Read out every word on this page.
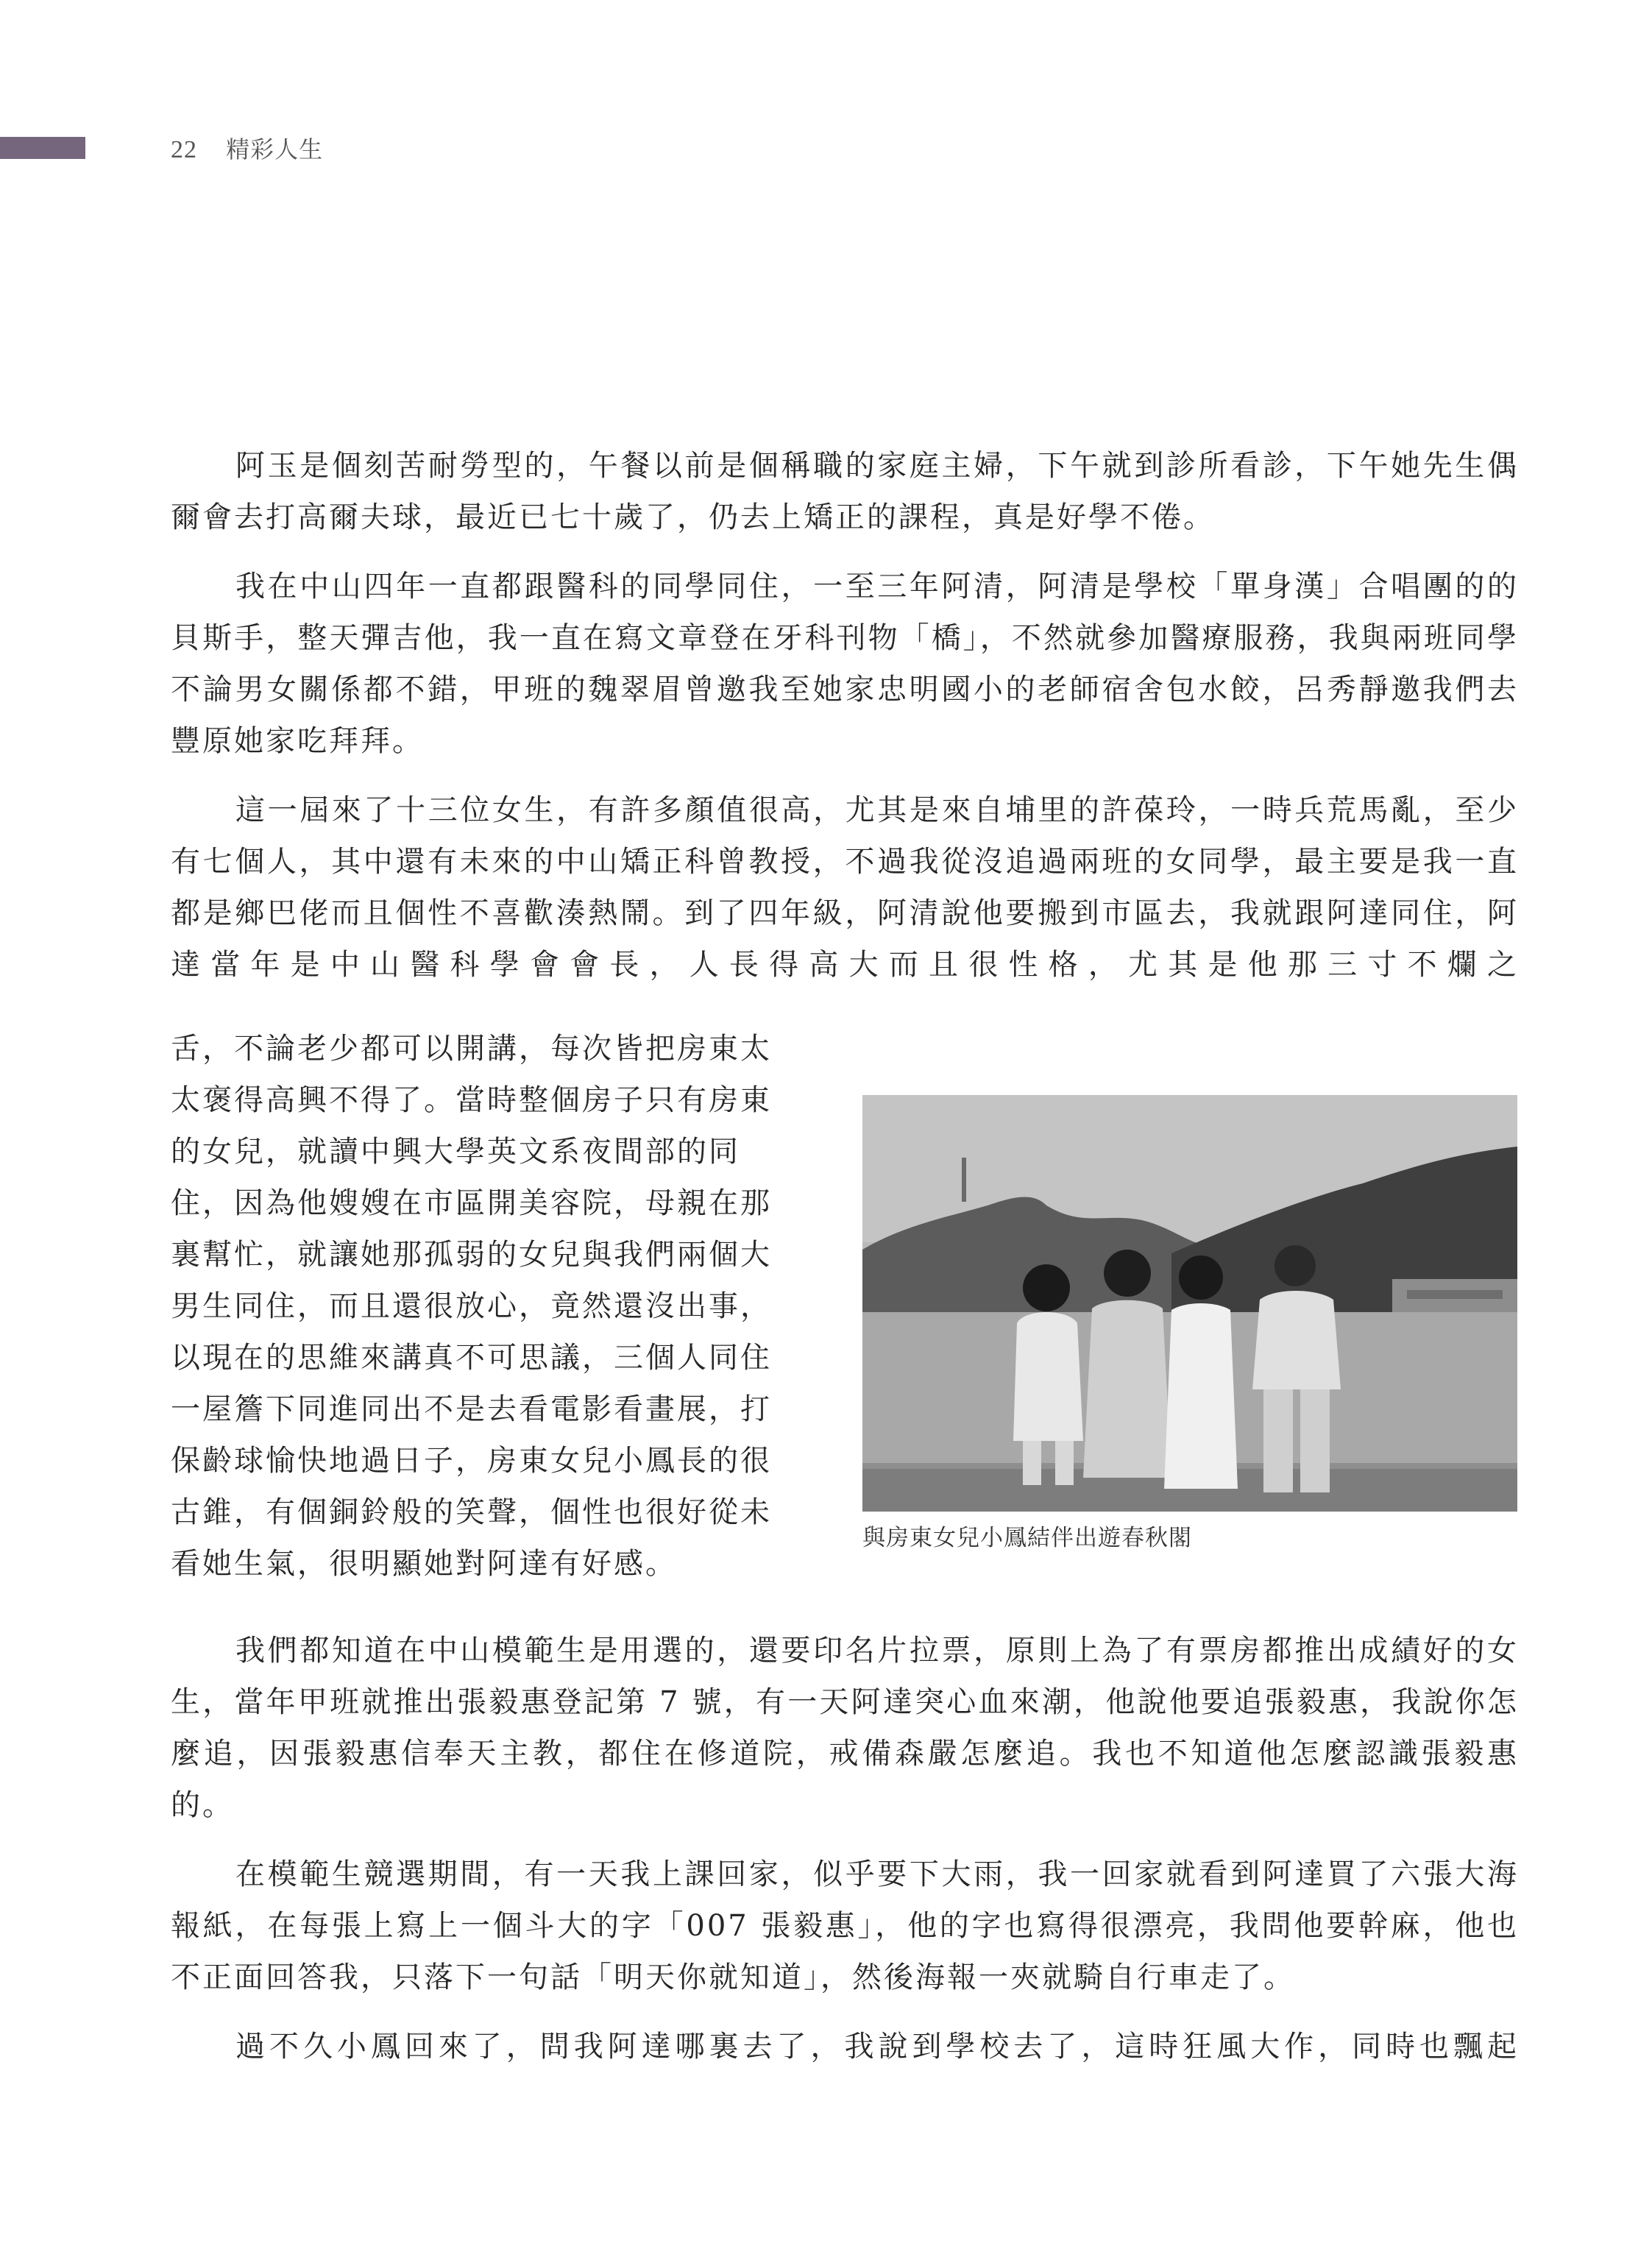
22 精彩人生

阿玉是個刻苦耐勞型的，午餐以前是個稱職的家庭主婦，下午就到診所看診，下午她先生偶爾會去打高爾夫球，最近已七十歲了，仍去上矯正的課程，真是好學不倦。

我在中山四年一直都跟醫科的同學同住，一至三年阿清，阿清是學校「單身漢」合唱團的的貝斯手，整天彈吉他，我一直在寫文章登在牙科刊物「橋」，不然就參加醫療服務，我與兩班同學不論男女關係都不錯，甲班的魏翠眉曾邀我至她家忠明國小的老師宿舍包水餃，呂秀靜邀我們去豐原她家吃拜拜。

這一屆來了十三位女生，有許多顏值很高，尤其是來自埔里的許葆玲，一時兵荒馬亂，至少有七個人，其中還有未來的中山矯正科曾教授，不過我從沒追過兩班的女同學，最主要是我一直都是鄉巴佬而且個性不喜歡湊熱鬧。到了四年級，阿清說他要搬到市區去，我就跟阿達同住，阿達當年是中山醫科學會會長，人長得高大而且很性格，尤其是他那三寸不爛之

舌，不論老少都可以開講，每次皆把房東太
太褒得高興不得了。當時整個房子只有房東
的女兒，就讀中興大學英文系夜間部的同
住，因為他嫂嫂在市區開美容院，母親在那
裏幫忙，就讓她那孤弱的女兒與我們兩個大
男生同住，而且還很放心，竟然還沒出事，
以現在的思維來講真不可思議，三個人同住
一屋簷下同進同出不是去看電影看畫展，打
保齡球愉快地過日子，房東女兒小鳳長的很
古錐，有個銅鈴般的笑聲，個性也很好從未
看她生氣，很明顯她對阿達有好感。
與房東女兒小鳳結伴出遊春秋閣

我們都知道在中山模範生是用選的，還要印名片拉票，原則上為了有票房都推出成績好的女生，當年甲班就推出張毅惠登記第 7 號，有一天阿達突心血來潮，他說他要追張毅惠，我說你怎麼追，因張毅惠信奉天主教，都住在修道院，戒備森嚴怎麼追。我也不知道他怎麼認識張毅惠的。

在模範生競選期間，有一天我上課回家，似乎要下大雨，我一回家就看到阿達買了六張大海報紙，在每張上寫上一個斗大的字「007 張毅惠」，他的字也寫得很漂亮，我問他要幹麻，他也不正面回答我，只落下一句話「明天你就知道」，然後海報一夾就騎自行車走了。

過不久小鳳回來了，問我阿達哪裏去了，我說到學校去了，這時狂風大作，同時也飄起
